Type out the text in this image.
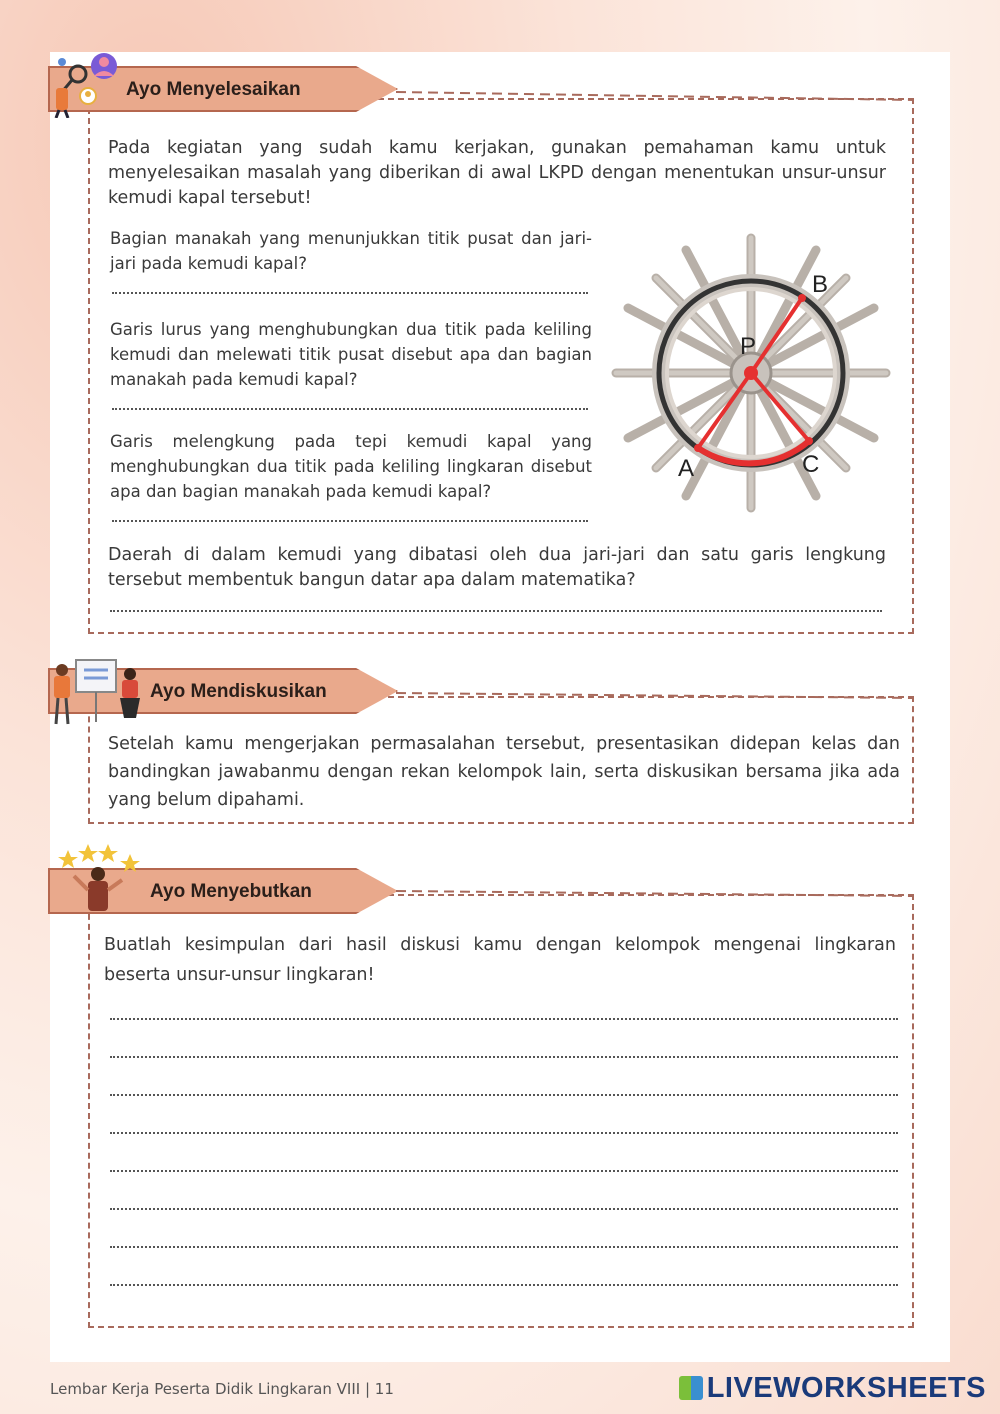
Ayo Menyelesaikan
Pada kegiatan yang sudah kamu kerjakan, gunakan pemahaman kamu untuk menyelesaikan masalah yang diberikan di awal LKPD dengan menentukan unsur-unsur kemudi kapal tersebut!
Bagian manakah yang menunjukkan titik pusat dan jari-jari pada kemudi kapal?
Garis lurus yang menghubungkan dua titik pada keliling kemudi dan melewati titik pusat disebut apa dan bagian manakah pada kemudi kapal?
Garis melengkung pada tepi kemudi kapal yang menghubungkan dua titik pada keliling lingkaran disebut apa dan bagian manakah pada kemudi kapal?
Daerah di dalam kemudi yang dibatasi oleh dua jari-jari dan satu garis lengkung tersebut membentuk bangun datar apa dalam matematika?
B
P
A	C
Ayo Mendiskusikan
Setelah kamu mengerjakan permasalahan tersebut, presentasikan didepan kelas dan bandingkan jawabanmu dengan rekan kelompok lain, serta diskusikan bersama jika ada yang belum dipahami.
Ayo Menyebutkan
Buatlah kesimpulan dari hasil diskusi kamu dengan kelompok mengenai lingkaran beserta unsur-unsur lingkaran!
Lembar Kerja Peserta Didik Lingkaran VIII | 11	LIVEWORKSHEETS
